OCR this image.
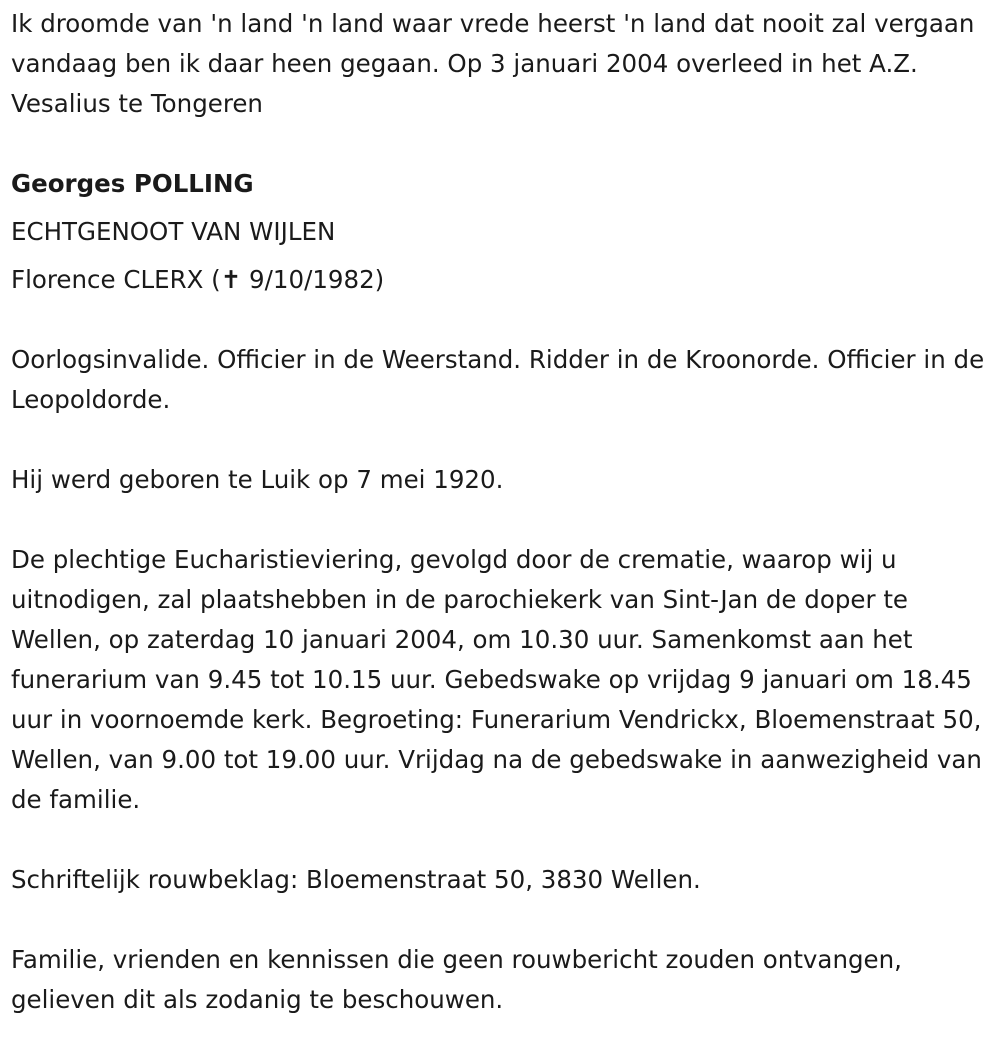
Ik droomde van 'n land 'n land waar vrede heerst 'n land dat nooit zal vergaan vandaag ben ik daar heen gegaan. Op 3 januari 2004 overleed in het A.Z. Vesalius te Tongeren

Georges POLLING

ECHTGENOOT VAN WIJLEN

Florence CLERX (✝ 9/10/1982)

Oorlogsinvalide. Officier in de Weerstand. Ridder in de Kroonorde. Officier in de Leopoldorde.

Hij werd geboren te Luik op 7 mei 1920.

De plechtige Eucharistieviering, gevolgd door de crematie, waarop wij u uitnodigen, zal plaatshebben in de parochiekerk van Sint-Jan de doper te Wellen, op zaterdag 10 januari 2004, om 10.30 uur. Samenkomst aan het funerarium van 9.45 tot 10.15 uur. Gebedswake op vrijdag 9 januari om 18.45 uur in voornoemde kerk. Begroeting: Funerarium Vendrickx, Bloemenstraat 50, Wellen, van 9.00 tot 19.00 uur. Vrijdag na de gebedswake in aanwezigheid van de familie.

Schriftelijk rouwbeklag: Bloemenstraat 50, 3830 Wellen.

Familie, vrienden en kennissen die geen rouwbericht zouden ontvangen, gelieven dit als zodanig te beschouwen.
